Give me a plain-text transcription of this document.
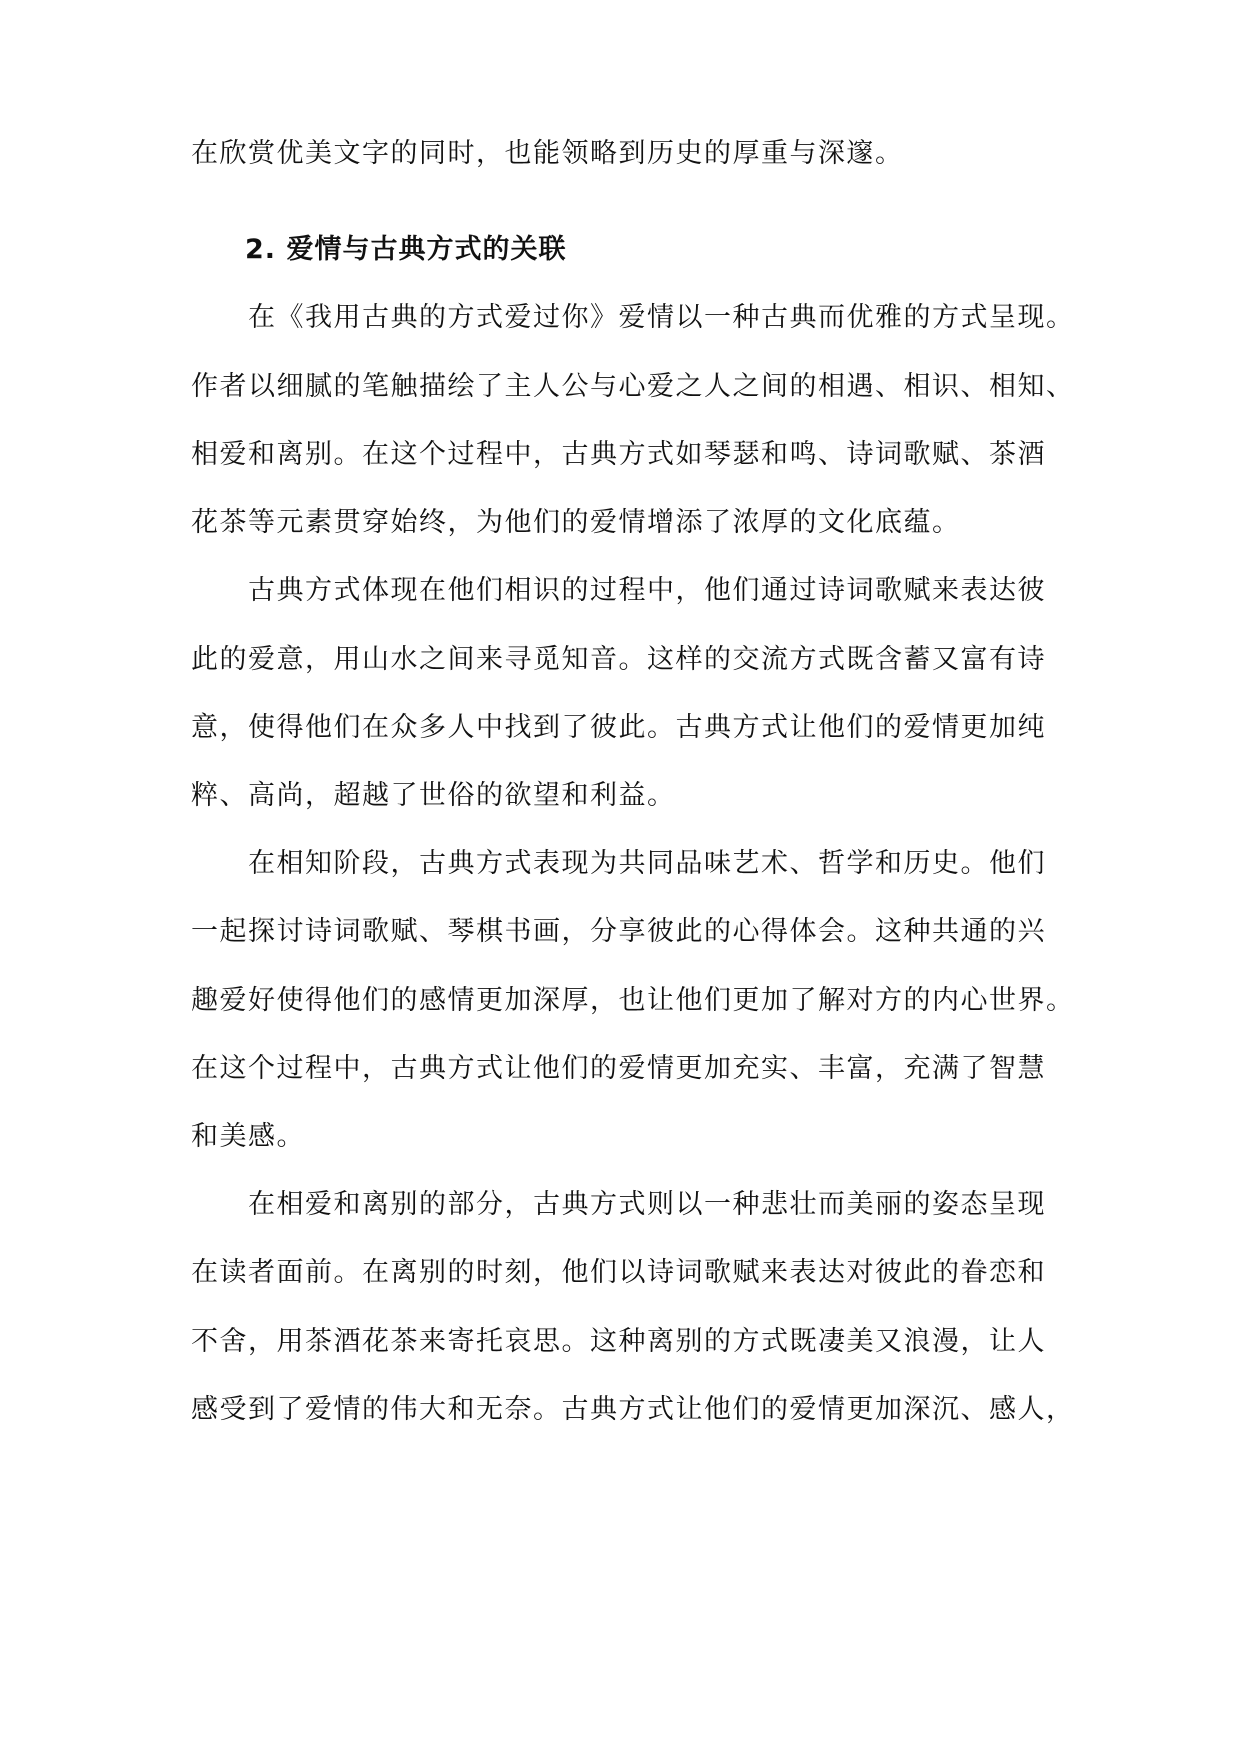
在欣赏优美文字的同时，也能领略到历史的厚重与深邃。
2. 爱情与古典方式的关联
在《我用古典的方式爱过你》爱情以一种古典而优雅的方式呈现。
作者以细腻的笔触描绘了主人公与心爱之人之间的相遇、相识、相知、
相爱和离别。在这个过程中，古典方式如琴瑟和鸣、诗词歌赋、茶酒
花茶等元素贯穿始终，为他们的爱情增添了浓厚的文化底蕴。
古典方式体现在他们相识的过程中，他们通过诗词歌赋来表达彼
此的爱意，用山水之间来寻觅知音。这样的交流方式既含蓄又富有诗
意，使得他们在众多人中找到了彼此。古典方式让他们的爱情更加纯
粹、高尚，超越了世俗的欲望和利益。
在相知阶段，古典方式表现为共同品味艺术、哲学和历史。他们
一起探讨诗词歌赋、琴棋书画，分享彼此的心得体会。这种共通的兴
趣爱好使得他们的感情更加深厚，也让他们更加了解对方的内心世界。
在这个过程中，古典方式让他们的爱情更加充实、丰富，充满了智慧
和美感。
在相爱和离别的部分，古典方式则以一种悲壮而美丽的姿态呈现
在读者面前。在离别的时刻，他们以诗词歌赋来表达对彼此的眷恋和
不舍，用茶酒花茶来寄托哀思。这种离别的方式既凄美又浪漫，让人
感受到了爱情的伟大和无奈。古典方式让他们的爱情更加深沉、感人，
